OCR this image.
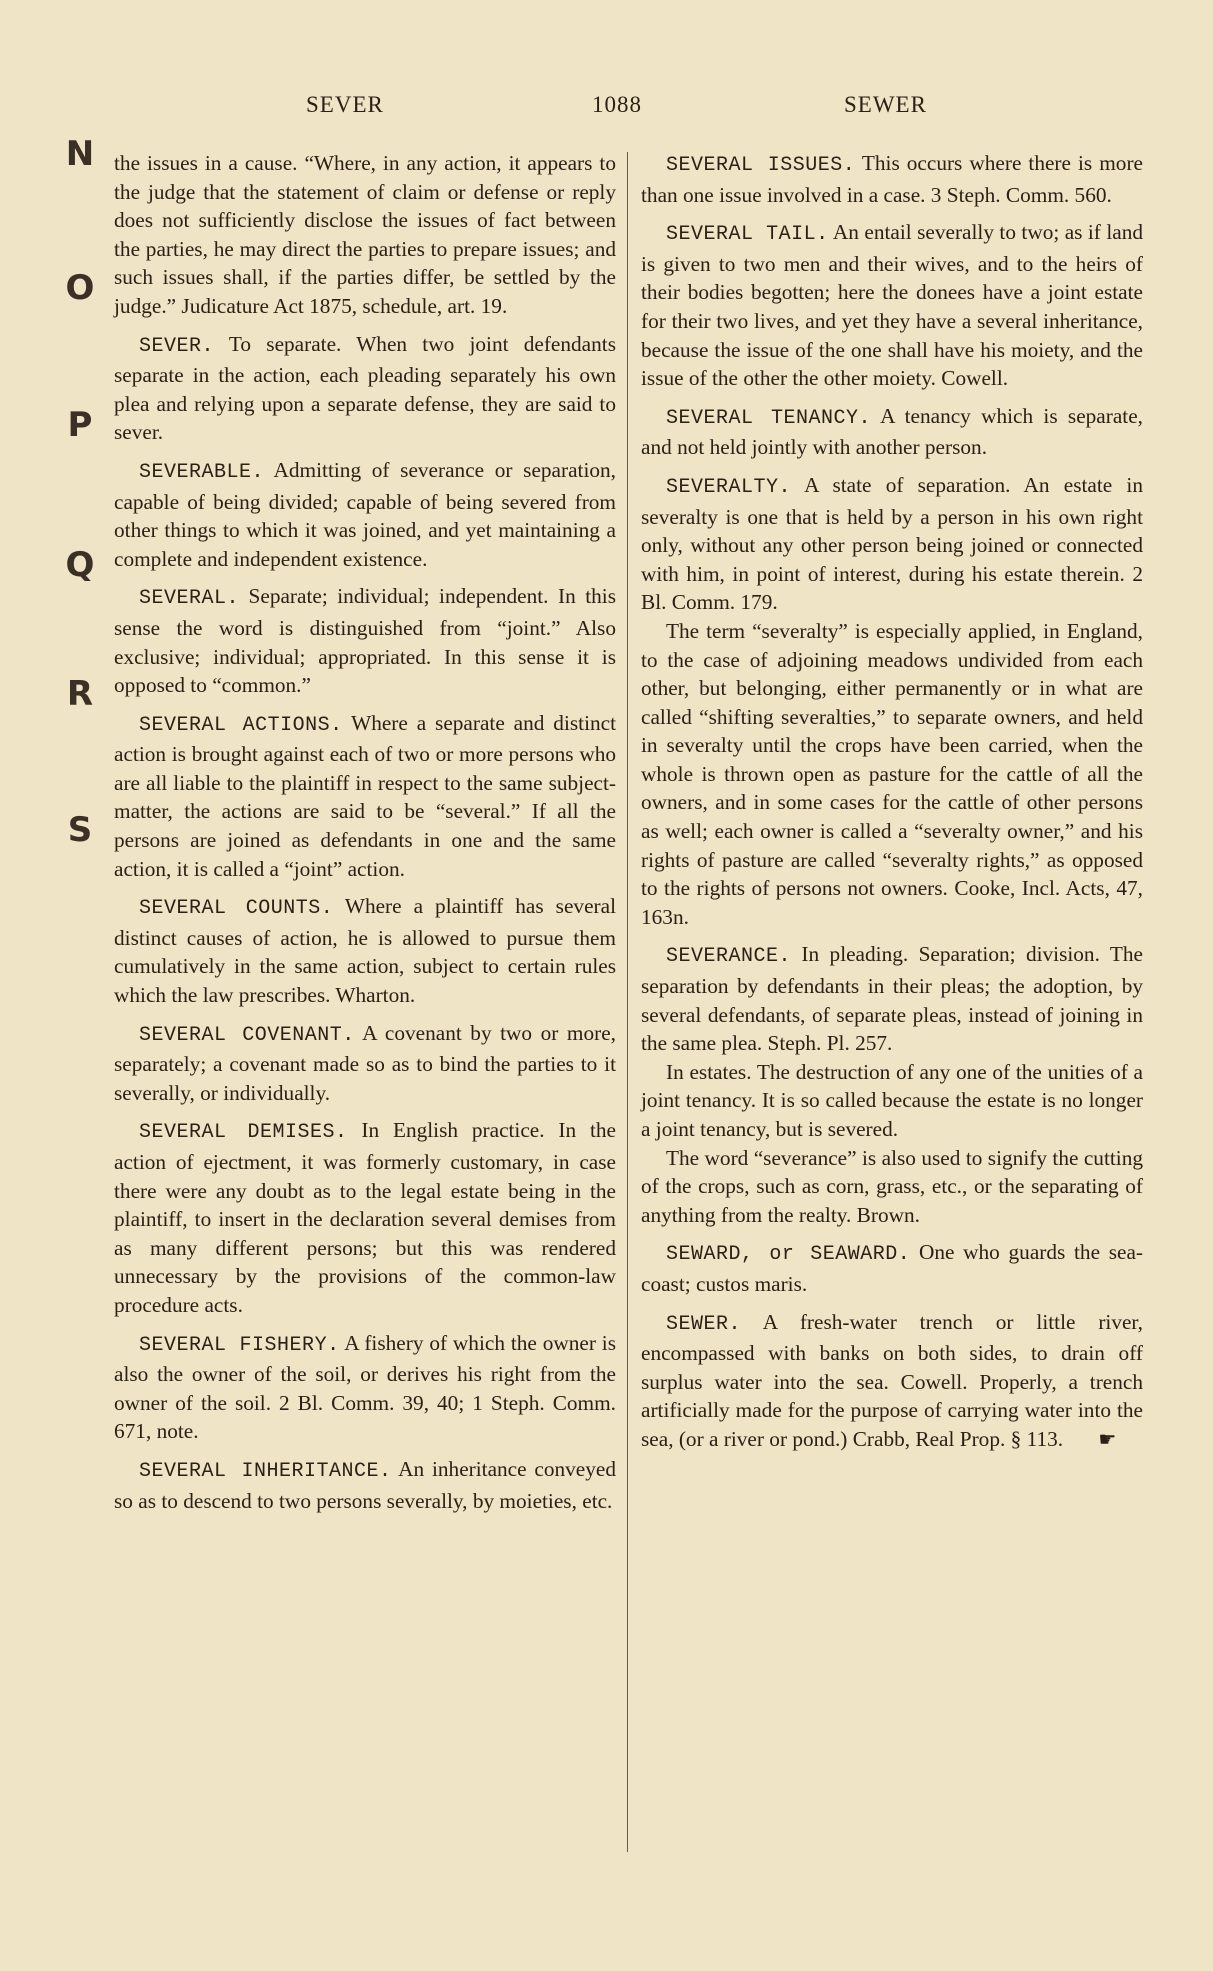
SEVER	1088	SEWER
N
O
P
Q
R
S

the issues in a cause. “Where, in any action, it appears to the judge that the statement of claim or defense or reply does not sufficiently disclose the issues of fact between the parties, he may direct the parties to prepare issues; and such issues shall, if the parties differ, be settled by the judge.” Judicature Act 1875, schedule, art. 19.

SEVER. To separate. When two joint defendants separate in the action, each pleading separately his own plea and relying upon a separate defense, they are said to sever.

SEVERABLE. Admitting of severance or separation, capable of being divided; capable of being severed from other things to which it was joined, and yet maintaining a complete and independent existence.

SEVERAL. Separate; individual; independent. In this sense the word is distinguished from “joint.” Also exclusive; individual; appropriated. In this sense it is opposed to “common.”

SEVERAL ACTIONS. Where a separate and distinct action is brought against each of two or more persons who are all liable to the plaintiff in respect to the same subject-matter, the actions are said to be “several.” If all the persons are joined as defendants in one and the same action, it is called a “joint” action.

SEVERAL COUNTS. Where a plaintiff has several distinct causes of action, he is allowed to pursue them cumulatively in the same action, subject to certain rules which the law prescribes. Wharton.

SEVERAL COVENANT. A covenant by two or more, separately; a covenant made so as to bind the parties to it severally, or individually.

SEVERAL DEMISES. In English practice. In the action of ejectment, it was formerly customary, in case there were any doubt as to the legal estate being in the plaintiff, to insert in the declaration several demises from as many different persons; but this was rendered unnecessary by the provisions of the common-law procedure acts.

SEVERAL FISHERY. A fishery of which the owner is also the owner of the soil, or derives his right from the owner of the soil. 2 Bl. Comm. 39, 40; 1 Steph. Comm. 671, note.

SEVERAL INHERITANCE. An inheritance conveyed so as to descend to two persons severally, by moieties, etc.

SEVERAL ISSUES. This occurs where there is more than one issue involved in a case. 3 Steph. Comm. 560.

SEVERAL TAIL. An entail severally to two; as if land is given to two men and their wives, and to the heirs of their bodies begotten; here the donees have a joint estate for their two lives, and yet they have a several inheritance, because the issue of the one shall have his moiety, and the issue of the other the other moiety. Cowell.

SEVERAL TENANCY. A tenancy which is separate, and not held jointly with another person.

SEVERALTY. A state of separation. An estate in severalty is one that is held by a person in his own right only, without any other person being joined or connected with him, in point of interest, during his estate therein. 2 Bl. Comm. 179.

The term “severalty” is especially applied, in England, to the case of adjoining meadows undivided from each other, but belonging, either permanently or in what are called “shifting severalties,” to separate owners, and held in severalty until the crops have been carried, when the whole is thrown open as pasture for the cattle of all the owners, and in some cases for the cattle of other persons as well; each owner is called a “severalty owner,” and his rights of pasture are called “severalty rights,” as opposed to the rights of persons not owners. Cooke, Incl. Acts, 47, 163n.

SEVERANCE. In pleading. Separation; division. The separation by defendants in their pleas; the adoption, by several defendants, of separate pleas, instead of joining in the same plea. Steph. Pl. 257.

In estates. The destruction of any one of the unities of a joint tenancy. It is so called because the estate is no longer a joint tenancy, but is severed.

The word “severance” is also used to signify the cutting of the crops, such as corn, grass, etc., or the separating of anything from the realty. Brown.

SEWARD, or SEAWARD. One who guards the sea-coast; custos maris.

SEWER. A fresh-water trench or little river, encompassed with banks on both sides, to drain off surplus water into the sea. Cowell. Properly, a trench artificially made for the purpose of carrying water into the sea, (or a river or pond.) Crabb, Real Prop. § 113. ☛
